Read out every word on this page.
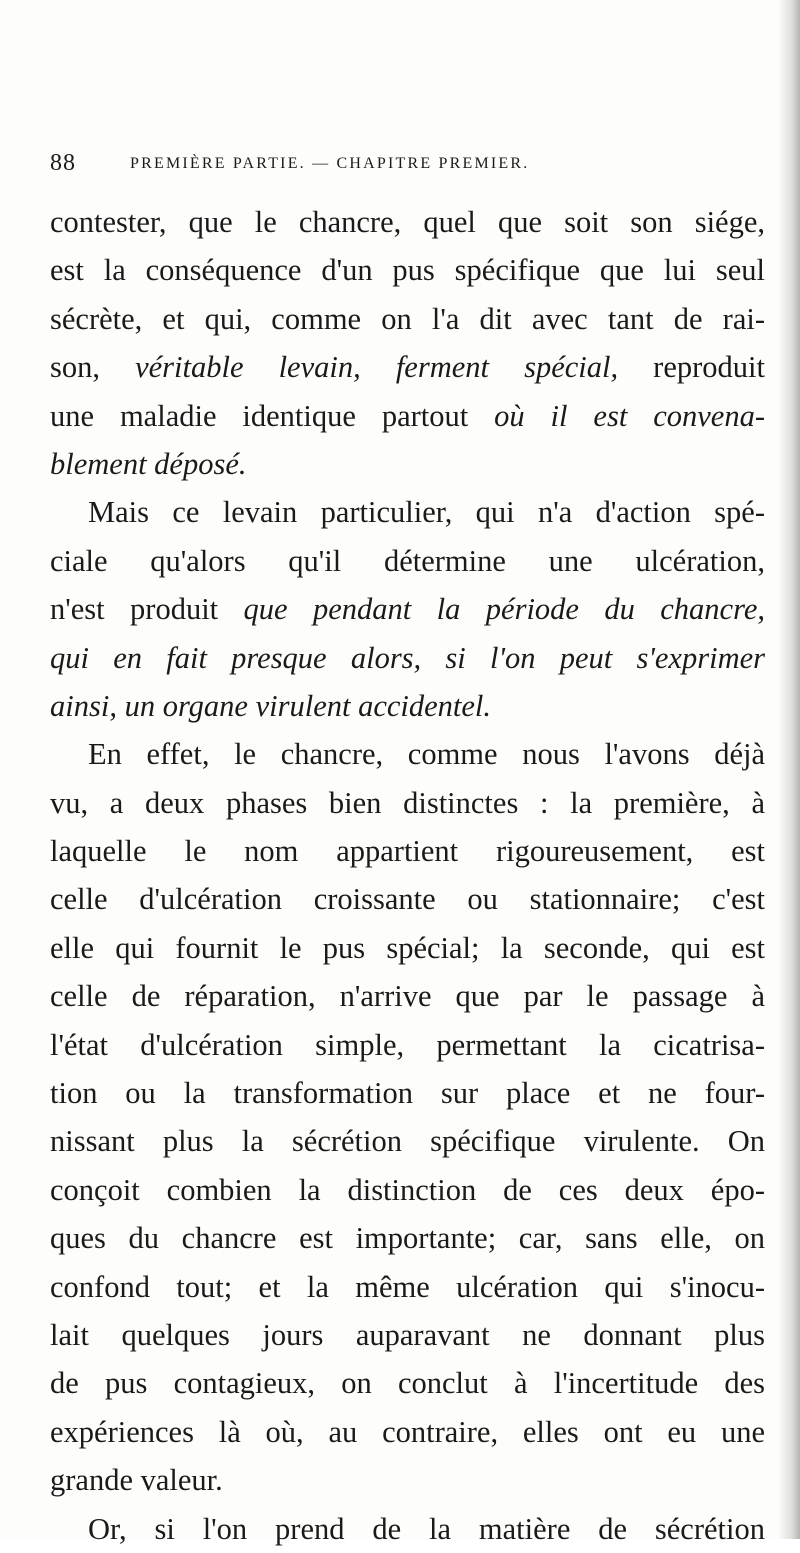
88	PREMIÈRE PARTIE. — CHAPITRE PREMIER.
contester, que le chancre, quel que soit son siége,
est la conséquence d'un pus spécifique que lui seul
sécrète, et qui, comme on l'a dit avec tant de rai-
son, véritable levain, ferment spécial, reproduit
une maladie identique partout où il est convena-
blement déposé.
Mais ce levain particulier, qui n'a d'action spé-
ciale qu'alors qu'il détermine une ulcération,
n'est produit que pendant la période du chancre,
qui en fait presque alors, si l'on peut s'exprimer
ainsi, un organe virulent accidentel.
En effet, le chancre, comme nous l'avons déjà
vu, a deux phases bien distinctes : la première, à
laquelle le nom appartient rigoureusement, est
celle d'ulcération croissante ou stationnaire; c'est
elle qui fournit le pus spécial; la seconde, qui est
celle de réparation, n'arrive que par le passage à
l'état d'ulcération simple, permettant la cicatrisa-
tion ou la transformation sur place et ne four-
nissant plus la sécrétion spécifique virulente. On
conçoit combien la distinction de ces deux épo-
ques du chancre est importante; car, sans elle, on
confond tout; et la même ulcération qui s'inocu-
lait quelques jours auparavant ne donnant plus
de pus contagieux, on conclut à l'incertitude des
expériences là où, au contraire, elles ont eu une
grande valeur.
Or, si l'on prend de la matière de sécrétion
